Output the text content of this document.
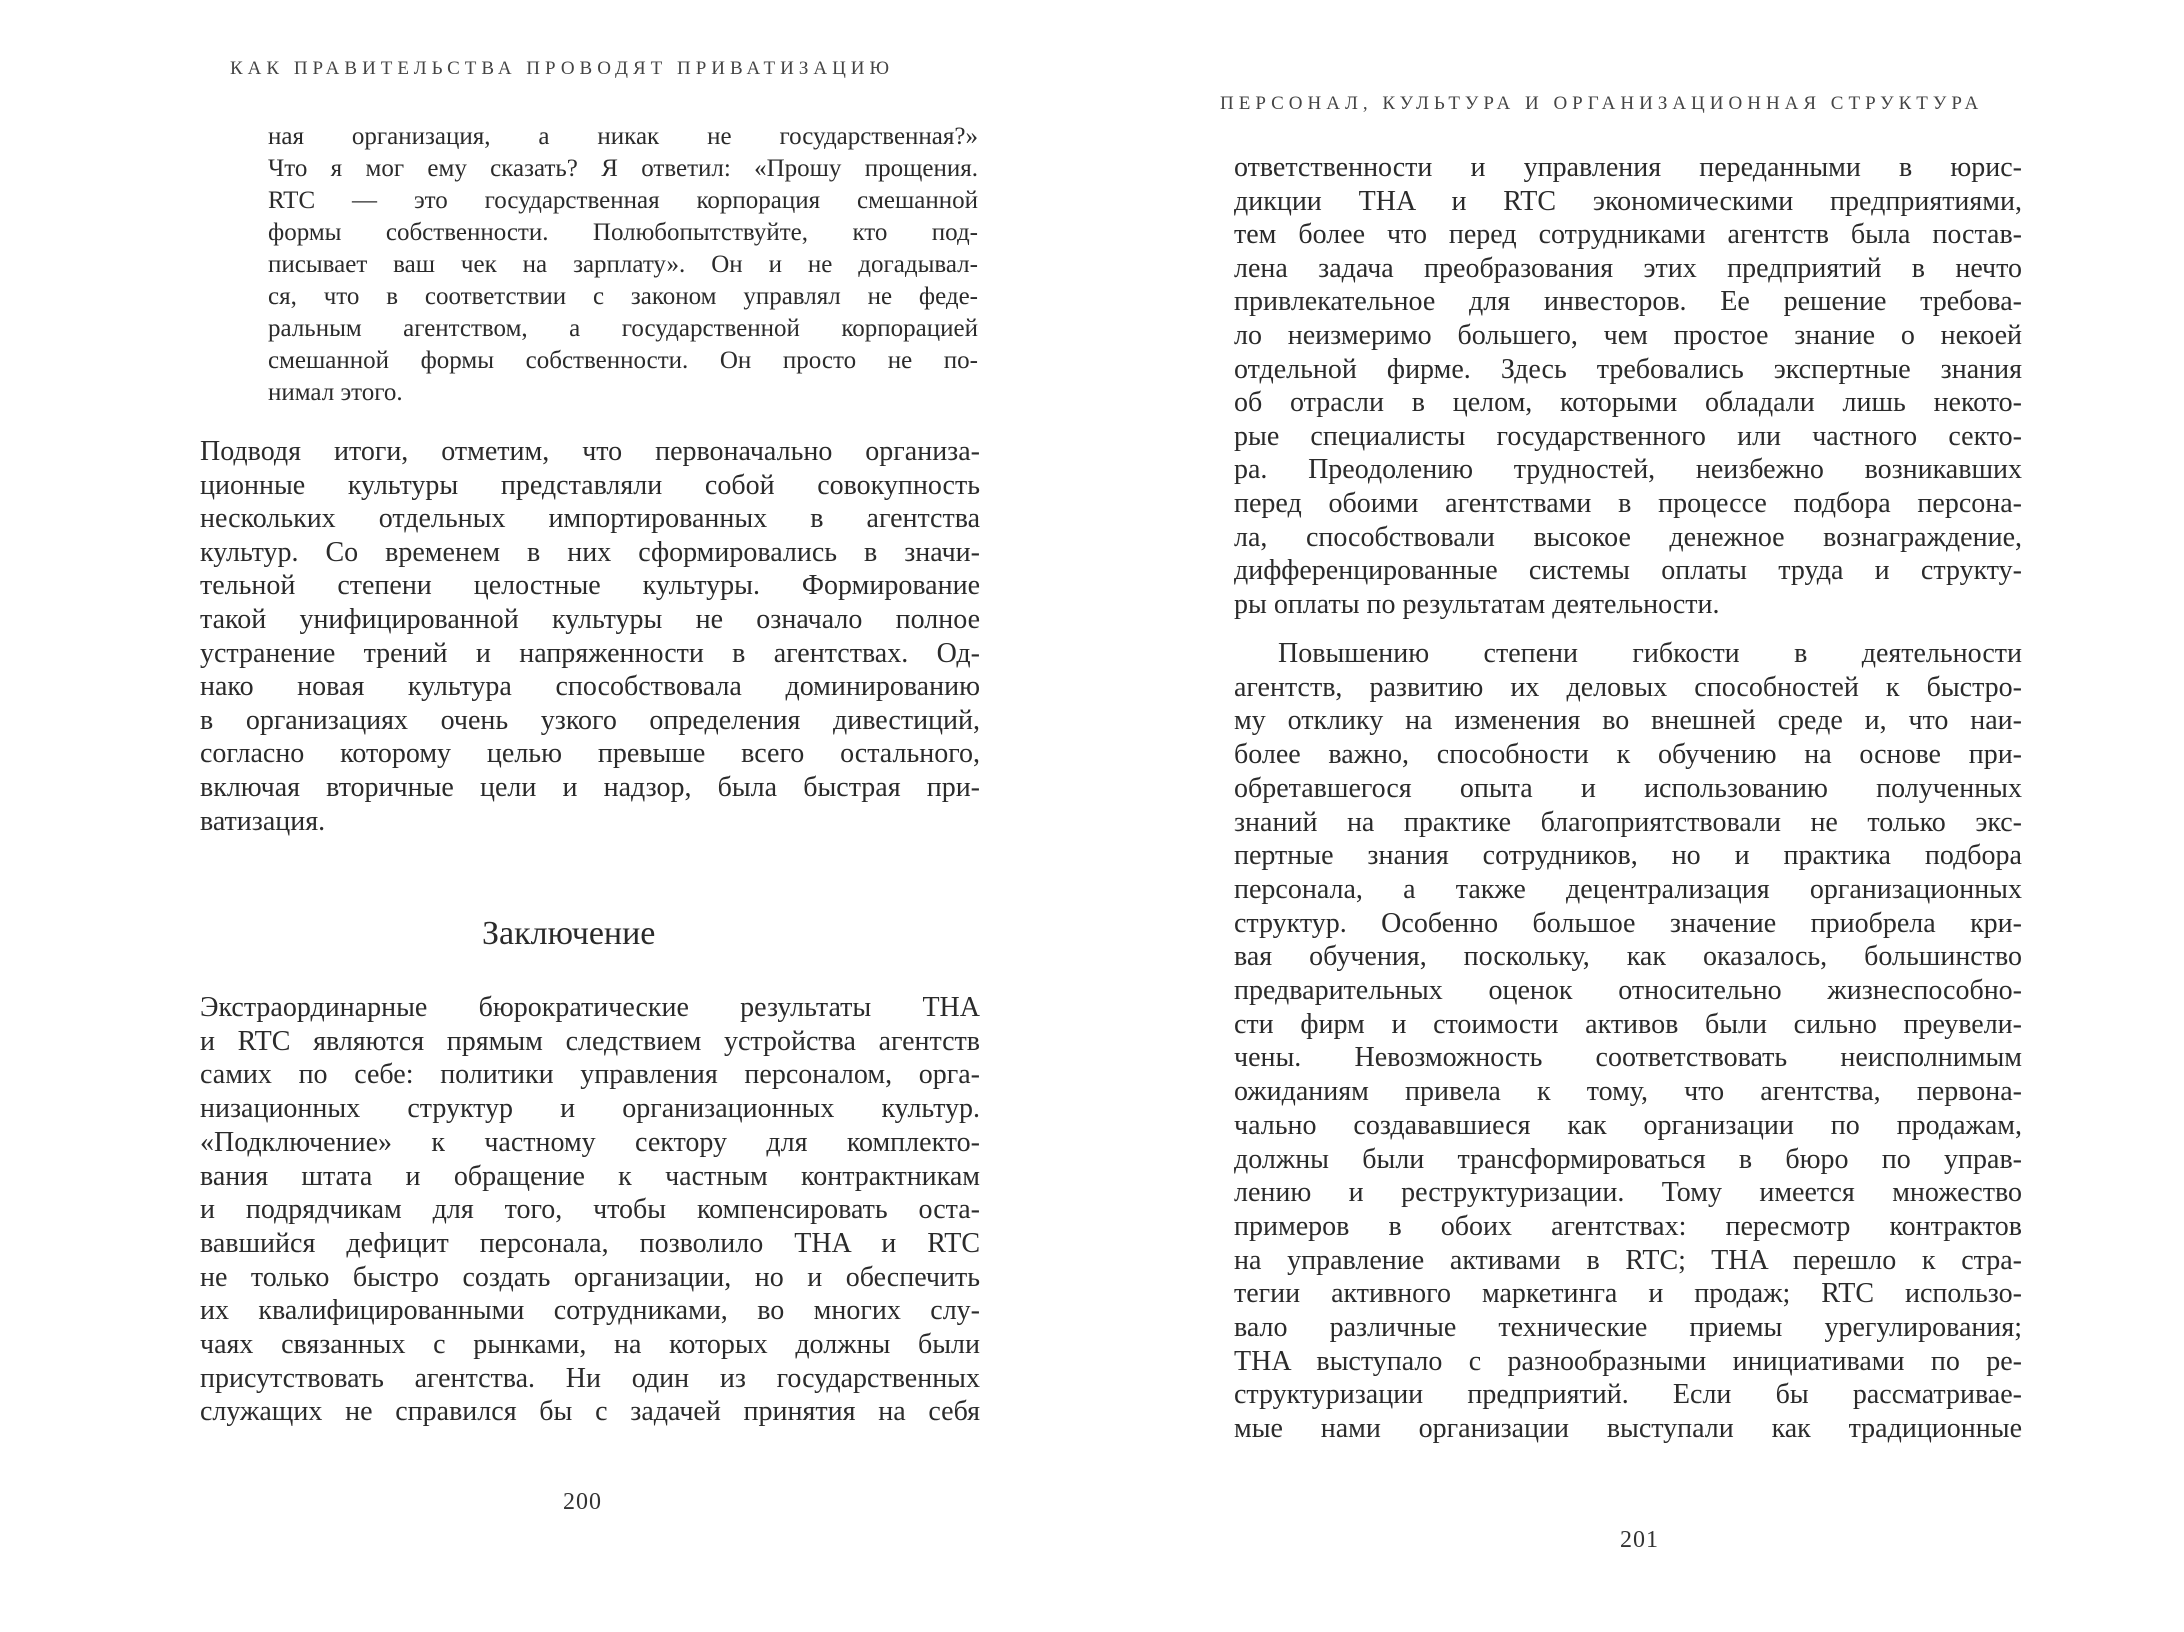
КАК ПРАВИТЕЛЬСТВА ПРОВОДЯТ ПРИВАТИЗАЦИЮ
ная организация, а никак не государственная?»
Что я мог ему сказать? Я ответил: «Прошу прощения.
RTC — это государственная корпорация смешанной
формы собственности. Полюбопытствуйте, кто под-
писывает ваш чек на зарплату». Он и не догадывал-
ся, что в соответствии с законом управлял не феде-
ральным агентством, а государственной корпорацией
смешанной формы собственности. Он просто не по-
нимал этого.
Подводя итоги, отметим, что первоначально организа-
ционные культуры представляли собой совокупность
нескольких отдельных импортированных в агентства
культур. Со временем в них сформировались в значи-
тельной степени целостные культуры. Формирование
такой унифицированной культуры не означало полное
устранение трений и напряженности в агентствах. Од-
нако новая культура способствовала доминированию
в организациях очень узкого определения дивестиций,
согласно которому целью превыше всего остального,
включая вторичные цели и надзор, была быстрая при-
ватизация.
Заключение
Экстраординарные бюрократические результаты THA
и RTC являются прямым следствием устройства агентств
самих по себе: политики управления персоналом, орга-
низационных структур и организационных культур.
«Подключение» к частному сектору для комплекто-
вания штата и обращение к частным контрактникам
и подрядчикам для того, чтобы компенсировать оста-
вавшийся дефицит персонала, позволило THA и RTC
не только быстро создать организации, но и обеспечить
их квалифицированными сотрудниками, во многих слу-
чаях связанных с рынками, на которых должны были
присутствовать агентства. Ни один из государственных
служащих не справился бы с задачей принятия на себя
200
ПЕРСОНАЛ, КУЛЬТУРА И ОРГАНИЗАЦИОННАЯ СТРУКТУРА
ответственности и управления переданными в юрис-
дикции THA и RTC экономическими предприятиями,
тем более что перед сотрудниками агентств была постав-
лена задача преобразования этих предприятий в нечто
привлекательное для инвесторов. Ее решение требова-
ло неизмеримо большего, чем простое знание о некоей
отдельной фирме. Здесь требовались экспертные знания
об отрасли в целом, которыми обладали лишь некото-
рые специалисты государственного или частного секто-
ра. Преодолению трудностей, неизбежно возникавших
перед обоими агентствами в процессе подбора персона-
ла, способствовали высокое денежное вознаграждение,
дифференцированные системы оплаты труда и структу-
ры оплаты по результатам деятельности.
Повышению степени гибкости в деятельности
агентств, развитию их деловых способностей к быстро-
му отклику на изменения во внешней среде и, что наи-
более важно, способности к обучению на основе при-
обретавшегося опыта и использованию полученных
знаний на практике благоприятствовали не только экс-
пертные знания сотрудников, но и практика подбора
персонала, а также децентрализация организационных
структур. Особенно большое значение приобрела кри-
вая обучения, поскольку, как оказалось, большинство
предварительных оценок относительно жизнеспособно-
сти фирм и стоимости активов были сильно преувели-
чены. Невозможность соответствовать неисполнимым
ожиданиям привела к тому, что агентства, первона-
чально создававшиеся как организации по продажам,
должны были трансформироваться в бюро по управ-
лению и реструктуризации. Тому имеется множество
примеров в обоих агентствах: пересмотр контрактов
на управление активами в RTC; THA перешло к стра-
тегии активного маркетинга и продаж; RTC использо-
вало различные технические приемы урегулирования;
THA выступало с разнообразными инициативами по ре-
структуризации предприятий. Если бы рассматривае-
мые нами организации выступали как традиционные
201
